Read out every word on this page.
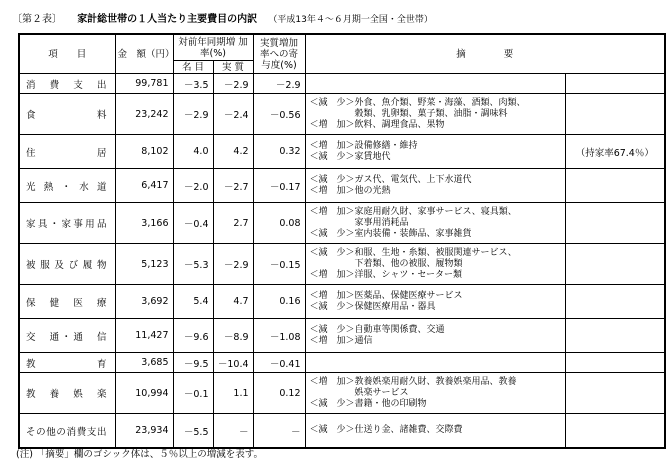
〔第２表〕 家計総世帯の１人当たり主要費目の内訳 （平成13年４～６月期一全国・全世帯）
項　　目	金　額（円）	対前年同期増 加 率(%)		実質増加率への寄与度(%)	摘　　　　要	
		名 目	実 質			
消　費　支　出	99,781	－3.5	－2.9	－2.9		
食　　　　料	23,242	－2.9	－2.4	－0.56	＜減　少＞外食、魚介類、野菜・海藻、酒類、肉類、
　　　　　穀類、乳卵類、菓子類、油脂・調味料
＜増　加＞飲料、調理食品、果物	

住　　　　居	8,102	4.0	4.2	0.32	＜増　加＞設備修繕・維持
＜減　少＞家賃地代	（持家率67.4％）
光熱・水道	6,417	－2.0	－2.7	－0.17	＜減　少＞ガス代、電気代、上下水道代
＜増　加＞他の光熱	

家具・家事用品	3,166	－0.4	2.7	0.08	＜増　加＞家庭用耐久財、家事サービス、寝具類、
　　　　　家事用消耗品
＜減　少＞室内装備・装飾品、家事雑貨	

被服及び履物	5,123	－5.3	－2.9	－0.15	＜減　少＞和服、生地・糸類、被服関連サービス、
　　　　　下着類、他の被服、履物類
＜増　加＞洋服、シャツ・セーター類	

保　健　医　療	3,692	5.4	4.7	0.16	＜増　加＞医薬品、保健医療サービス
＜減　少＞保健医療用品・器具	

交　通・通　信	11,427	－9.6	－8.9	－1.08	＜減　少＞自動車等関係費、交通
＜増　加＞通信	

教　　　　育	3,685	－9.5	－10.4	－0.41		
教　養　娯　楽	10,994	－0.1	1.1	0.12	＜増　加＞教養娯楽用耐久財、教養娯楽用品、教養
　　　　　娯楽サービス
＜減　少＞書籍・他の印刷物	

その他の消費支出	23,934	－5.5	－	－	＜減　少＞仕送り金、諸雑費、交際費	

(注) 「摘要」欄のゴシック体は、５％以上の増減を表す。
